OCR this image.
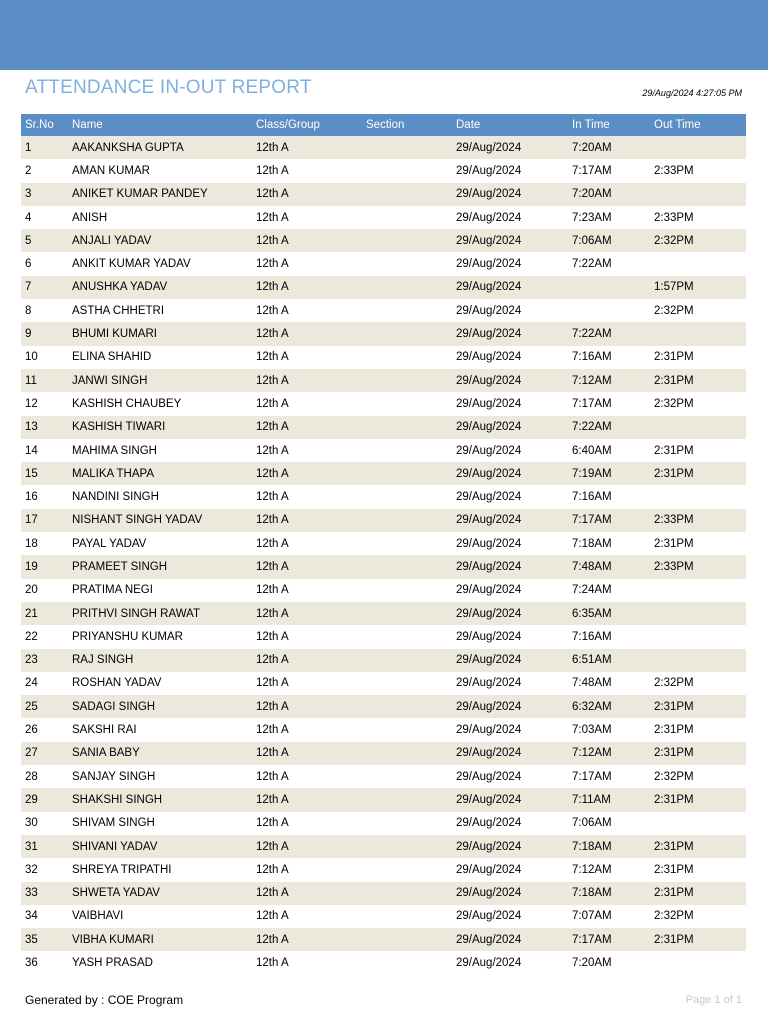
ATTENDANCE IN-OUT REPORT	29/Aug/2024 4:27:05 PM
Sr.No	Name	Class/Group	Section	Date	In Time	Out Time
1	AAKANKSHA GUPTA	12th A		29/Aug/2024	7:20AM	
2	AMAN KUMAR	12th A		29/Aug/2024	7:17AM	2:33PM
3	ANIKET KUMAR PANDEY	12th A		29/Aug/2024	7:20AM	
4	ANISH	12th A		29/Aug/2024	7:23AM	2:33PM
5	ANJALI YADAV	12th A		29/Aug/2024	7:06AM	2:32PM
6	ANKIT KUMAR YADAV	12th A		29/Aug/2024	7:22AM	
7	ANUSHKA YADAV	12th A		29/Aug/2024		1:57PM
8	ASTHA CHHETRI	12th A		29/Aug/2024		2:32PM
9	BHUMI KUMARI	12th A		29/Aug/2024	7:22AM	
10	ELINA SHAHID	12th A		29/Aug/2024	7:16AM	2:31PM
11	JANWI SINGH	12th A		29/Aug/2024	7:12AM	2:31PM
12	KASHISH CHAUBEY	12th A		29/Aug/2024	7:17AM	2:32PM
13	KASHISH TIWARI	12th A		29/Aug/2024	7:22AM	
14	MAHIMA SINGH	12th A		29/Aug/2024	6:40AM	2:31PM
15	MALIKA THAPA	12th A		29/Aug/2024	7:19AM	2:31PM
16	NANDINI SINGH	12th A		29/Aug/2024	7:16AM	
17	NISHANT SINGH YADAV	12th A		29/Aug/2024	7:17AM	2:33PM
18	PAYAL YADAV	12th A		29/Aug/2024	7:18AM	2:31PM
19	PRAMEET SINGH	12th A		29/Aug/2024	7:48AM	2:33PM
20	PRATIMA NEGI	12th A		29/Aug/2024	7:24AM	
21	PRITHVI SINGH RAWAT	12th A		29/Aug/2024	6:35AM	
22	PRIYANSHU KUMAR	12th A		29/Aug/2024	7:16AM	
23	RAJ SINGH	12th A		29/Aug/2024	6:51AM	
24	ROSHAN YADAV	12th A		29/Aug/2024	7:48AM	2:32PM
25	SADAGI SINGH	12th A		29/Aug/2024	6:32AM	2:31PM
26	SAKSHI RAI	12th A		29/Aug/2024	7:03AM	2:31PM
27	SANIA BABY	12th A		29/Aug/2024	7:12AM	2:31PM
28	SANJAY SINGH	12th A		29/Aug/2024	7:17AM	2:32PM
29	SHAKSHI SINGH	12th A		29/Aug/2024	7:11AM	2:31PM
30	SHIVAM SINGH	12th A		29/Aug/2024	7:06AM	
31	SHIVANI YADAV	12th A		29/Aug/2024	7:18AM	2:31PM
32	SHREYA TRIPATHI	12th A		29/Aug/2024	7:12AM	2:31PM
33	SHWETA YADAV	12th A		29/Aug/2024	7:18AM	2:31PM
34	VAIBHAVI	12th A		29/Aug/2024	7:07AM	2:32PM
35	VIBHA KUMARI	12th A		29/Aug/2024	7:17AM	2:31PM
36	YASH PRASAD	12th A		29/Aug/2024	7:20AM	
Generated by : COE Program	Page 1 of 1
